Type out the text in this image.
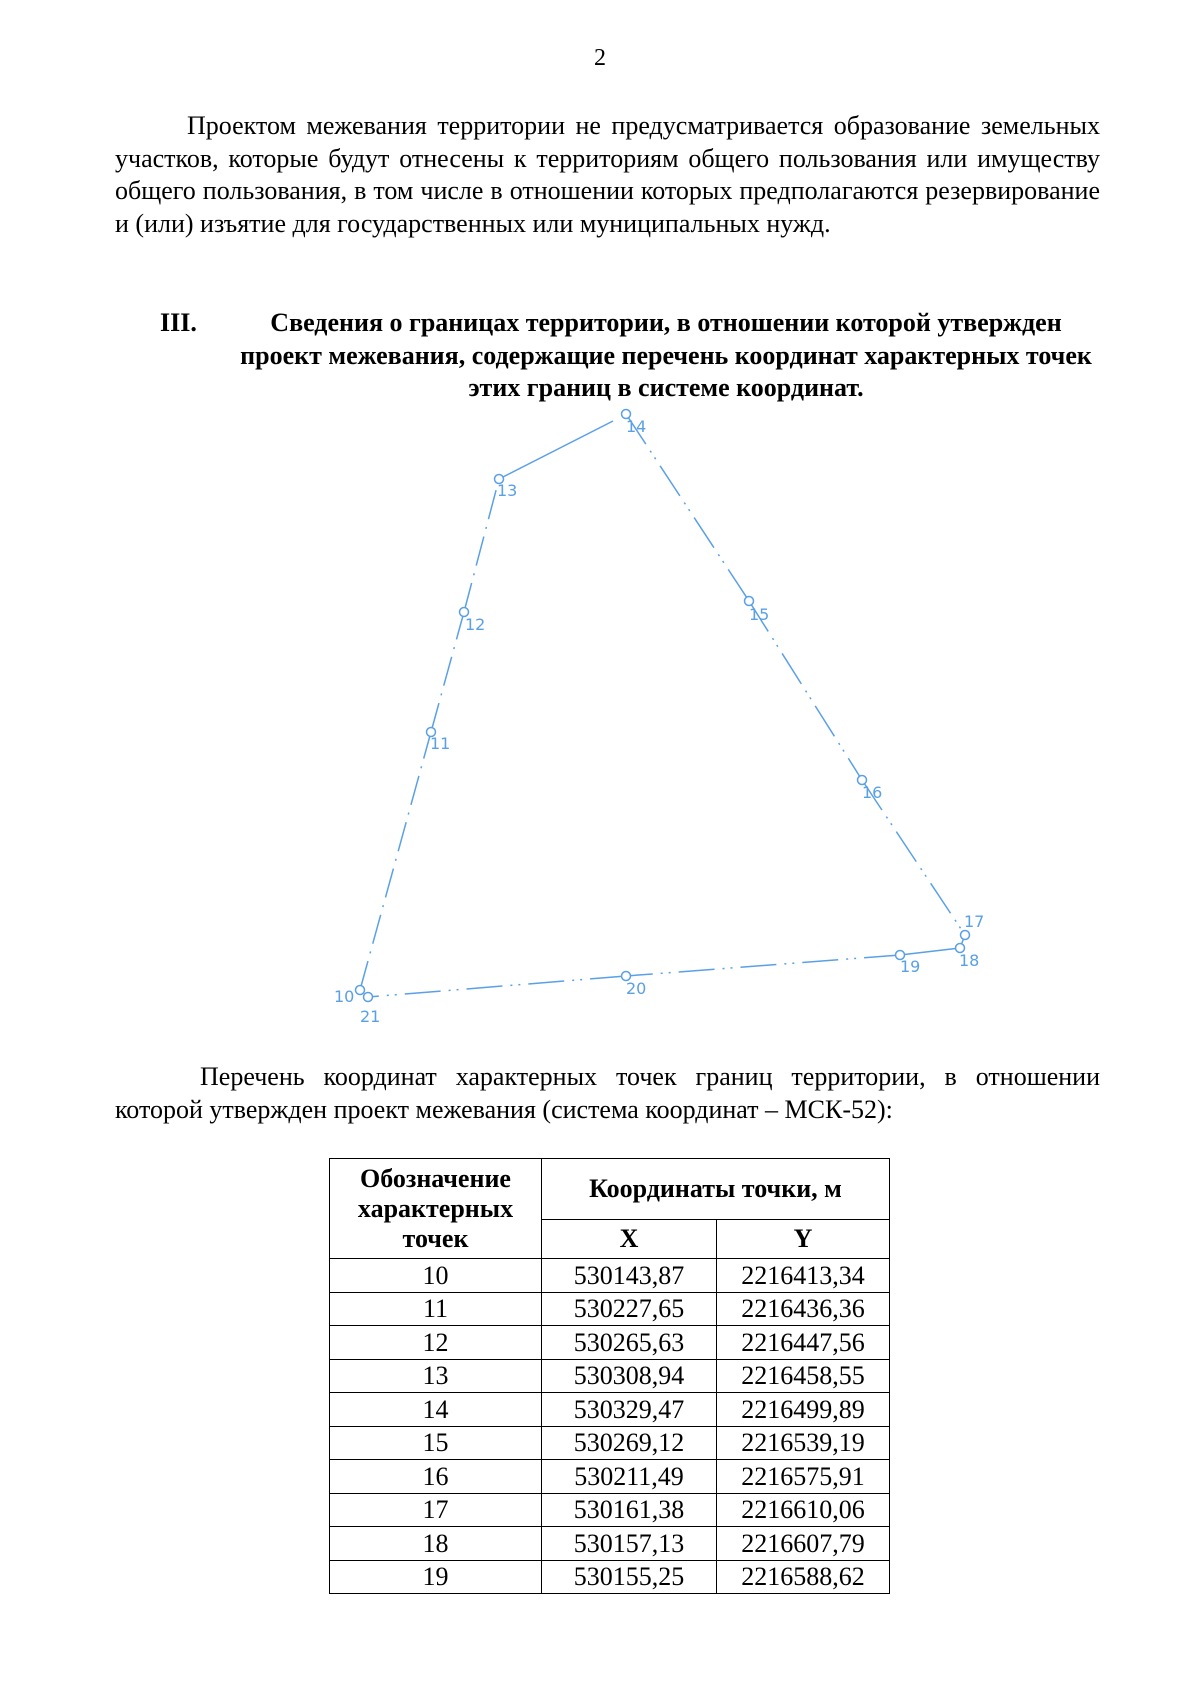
2

Проектом межевания территории не предусматривается образование земельных участков, которые будут отнесены к территориям общего пользования или имуществу общего пользования, в том числе в отношении которых предполагаются резервирование и (или) изъятие для государственных или муниципальных нужд.

III.	Сведения о границах территории, в отношении которой утвержден проект межевания, содержащие перечень координат характерных точек этих границ в системе координат.
10
21
11
12
13
14
15
16
17
18
19
20

Перечень координат характерных точек границ территории, в отношении которой утвержден проект межевания (система координат – МСК-52):

Обозначение характерных точек	Координаты точки, м	
	X	Y
10	530143,87	2216413,34
11	530227,65	2216436,36
12	530265,63	2216447,56
13	530308,94	2216458,55
14	530329,47	2216499,89
15	530269,12	2216539,19
16	530211,49	2216575,91
17	530161,38	2216610,06
18	530157,13	2216607,79
19	530155,25	2216588,62
